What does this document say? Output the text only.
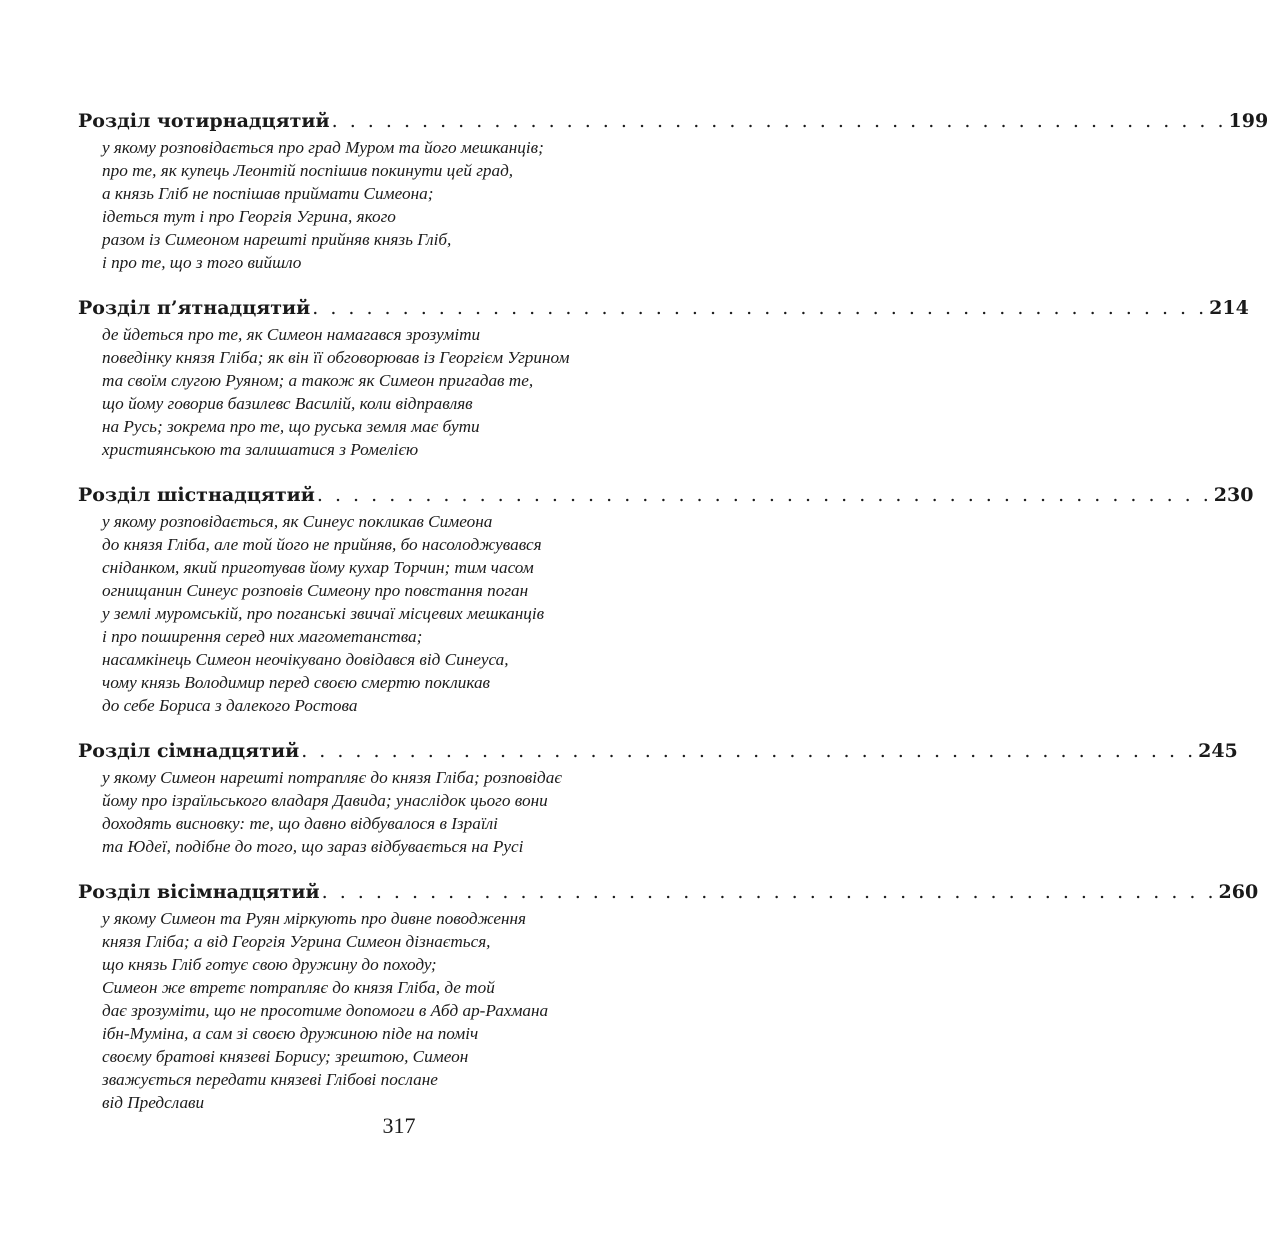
Розділ чотирнадцятий . . . . . . . . . . . . . . . . . . . . . . . . . . . . . . . . . . . . . . . . . . . . . . . . . . 199
у якому розповідається про град Муром та його мешканців;
про те, як купець Леонтій поспішив покинути цей град,
а князь Гліб не поспішав приймати Симеона;
ідеться тут і про Георгія Угрина, якого
разом із Симеоном нарешті прийняв князь Гліб,
і про те, що з того вийшло
Розділ п’ятнадцятий . . . . . . . . . . . . . . . . . . . . . . . . . . . . . . . . . . . . . . . . . . . . . . . . . . 214
де йдеться про те, як Симеон намагався зрозуміти
поведінку князя Гліба; як він її обговорював із Георгієм Угрином
та своїм слугою Руяном; а також як Симеон пригадав те,
що йому говорив базилевс Василій, коли відправляв
на Русь; зокрема про те, що руська земля має бути
християнською та залишатися з Ромелією
Розділ шістнадцятий . . . . . . . . . . . . . . . . . . . . . . . . . . . . . . . . . . . . . . . . . . . . . . . . . . 230
у якому розповідається, як Синеус покликав Симеона
до князя Гліба, але той його не прийняв, бо насолоджувався
сніданком, який приготував йому кухар Торчин; тим часом
огнищанин Синеус розповів Симеону про повстання поган
у землі муромській, про поганські звичаї місцевих мешканців
і про поширення серед них магометанства;
насамкінець Симеон неочікувано довідався від Синеуса,
чому князь Володимир перед своєю смертю покликав
до себе Бориса з далекого Ростова
Розділ сімнадцятий . . . . . . . . . . . . . . . . . . . . . . . . . . . . . . . . . . . . . . . . . . . . . . . . . . 245
у якому Симеон нарешті потрапляє до князя Гліба; розповідає
йому про ізраїльського владаря Давида; унаслідок цього вони
доходять висновку: те, що давно відбувалося в Ізраїлі
та Юдеї, подібне до того, що зараз відбувається на Русі
Розділ вісімнадцятий . . . . . . . . . . . . . . . . . . . . . . . . . . . . . . . . . . . . . . . . . . . . . . . . . . 260
у якому Симеон та Руян міркують про дивне поводження
князя Гліба; а від Георгія Угрина Симеон дізнається,
що князь Гліб готує свою дружину до походу;
Симеон же втретє потрапляє до князя Гліба, де той
дає зрозуміти, що не просотиме допомоги в Абд ар-Рахмана
ібн-Муміна, а сам зі своєю дружиною піде на поміч
своєму братові князеві Борису; зрештою, Симеон
зважується передати князеві Глібові послане
від Предслави
317
